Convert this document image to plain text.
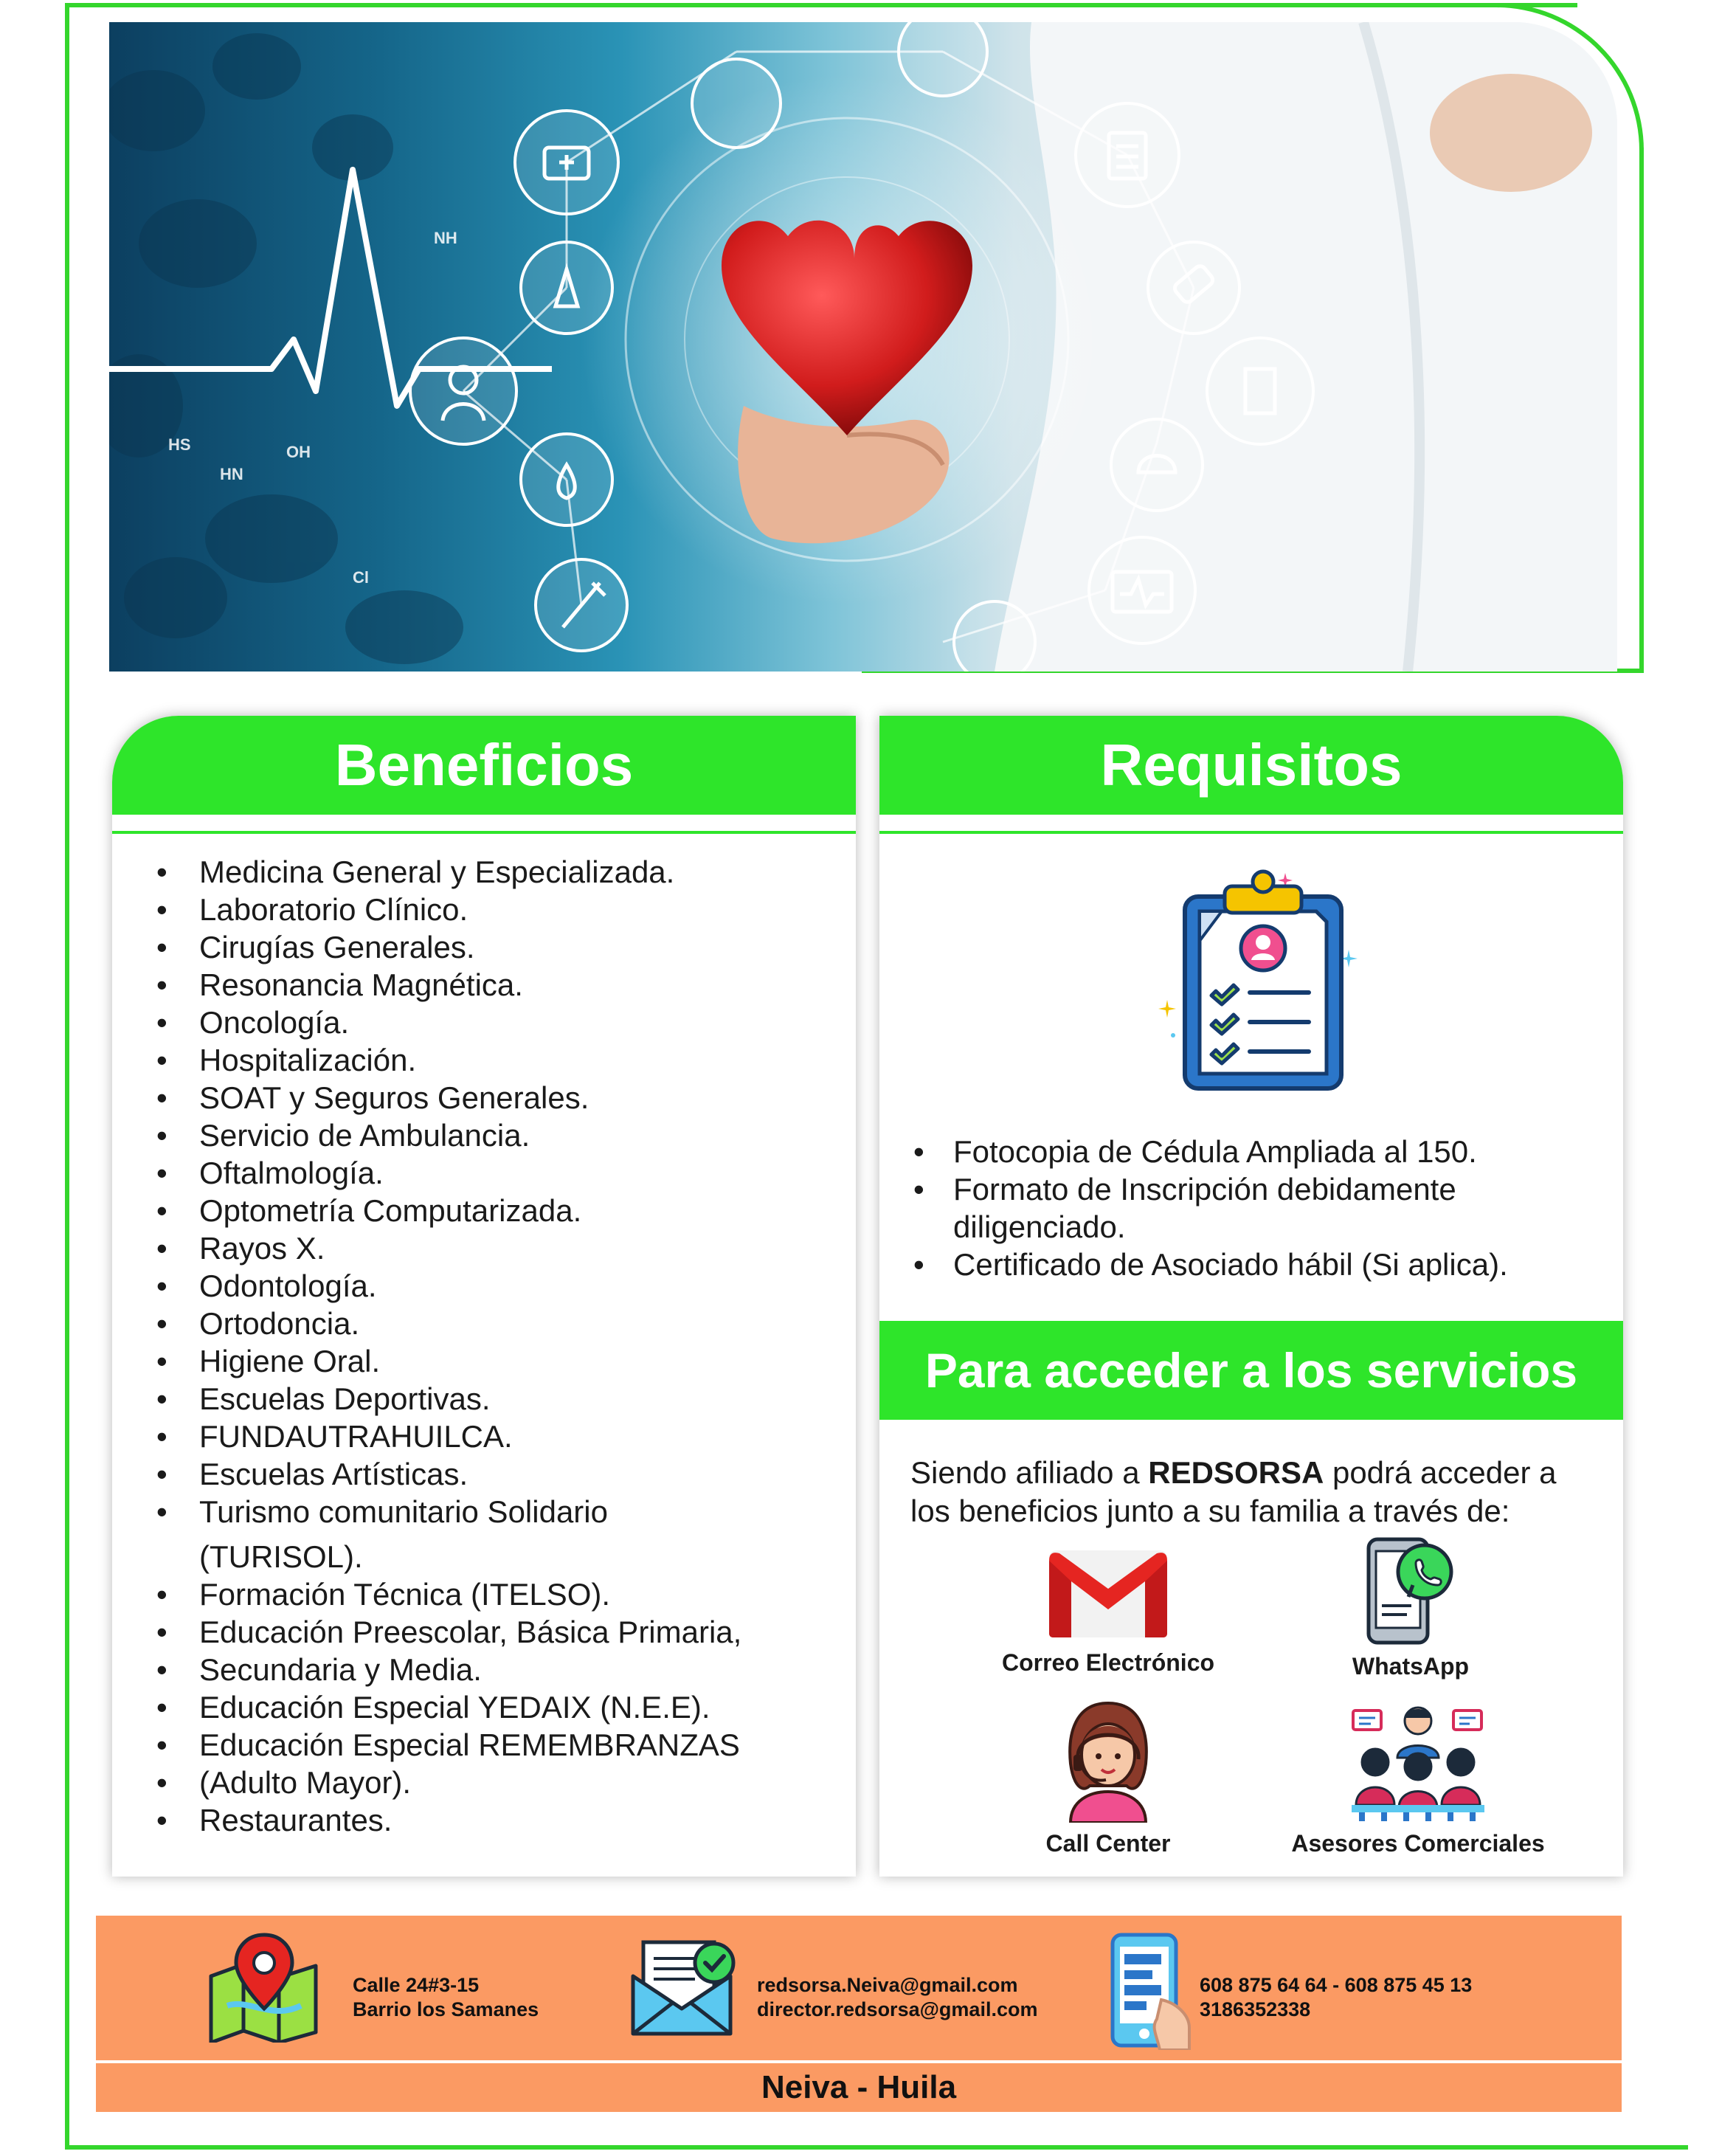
HS	OH
HN
NH
Cl
Beneficios
• Medicina General y Especializada.
• Laboratorio Clínico.
• Cirugías Generales.
• Resonancia Magnética.
• Oncología.
• Hospitalización.
• SOAT y Seguros Generales.
• Servicio de Ambulancia.
• Oftalmología.
• Optometría Computarizada.
• Rayos X.
• Odontología.
• Ortodoncia.
• Higiene Oral.
• Escuelas Deportivas.
• FUNDAUTRAHUILCA.
• Escuelas Artísticas.
• Turismo comunitario Solidario
(TURISOL).
• Formación Técnica (ITELSO).
• Educación Preescolar, Básica Primaria,
• Secundaria y Media.
• Educación Especial YEDAIX (N.E.E).
• Educación Especial REMEMBRANZAS
• (Adulto Mayor).
• Restaurantes.
Requisitos
• Fotocopia de Cédula Ampliada al 150.
• Formato de Inscripción debidamente diligenciado.
• Certificado de Asociado hábil (Si aplica).
Para acceder a los servicios

Siendo afiliado a REDSORSA podrá acceder a los beneficios junto a su familia a través de:

Correo Electrónico	WhatsApp
Call Center	Asesores Comerciales
Calle 24#3-15
Barrio los Samanes
redsorsa.Neiva@gmail.com
director.redsorsa@gmail.com
608 875 64 64 - 608 875 45 13
3186352338
Neiva - Huila
